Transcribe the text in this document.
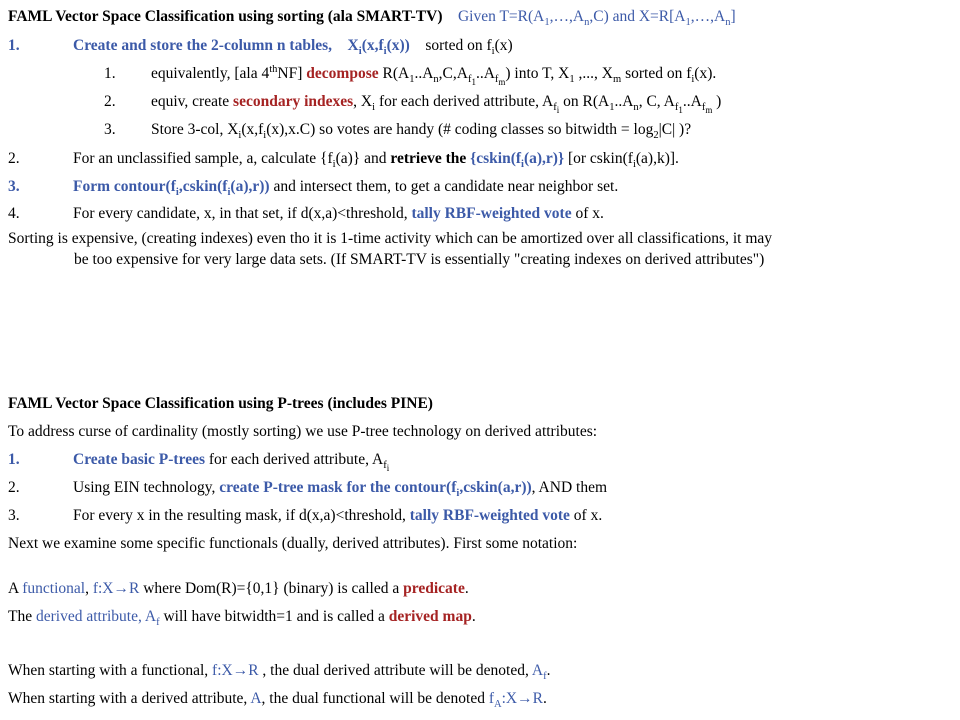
FAML Vector Space Classification using sorting (ala SMART-TV) Given $T=R(A_1,\dots,A_n,C)$ and $X=R[A_1,\dots,A_n]$
1.	Create and store the 2-column n tables, $X_i(x,f_i(x))$ sorted on $f_i(x)$
1. equivalently, [ala 4thNF] decompose $R(A_1..A_n,C,A_{f_1}..A_{f_m})$ into T, $X_1$ ,..., $X_m$ sorted on $f_i(x)$.
2. equiv, create secondary indexes, $X_i$ for each derived attribute, $A_{f_i}$ on $R(A_1..A_n$, C, $A_{f_1}..A_{f_m}$ )
3. Store 3-col, $X_i(x,f_i(x),x.C)$ so votes are handy (# coding classes so bitwidth = $\log_2|C|$ )?
2.	For an unclassified sample, a, calculate $\{f_i(a)\}$ and retrieve the $\{cskin(f_i(a),r)\}$ [or $cskin(f_i(a),k)$].
3.	Form $contour(f_i,cskin(f_i(a),r))$ and intersect them, to get a candidate near neighbor set.
4.	For every candidate, x, in that set, if d(x,a)<threshold, tally RBF-weighted vote of x.
Sorting is expensive, (creating indexes) even tho it is 1-time activity which can be amortized over all classifications, it may
be too expensive for very large data sets. (If SMART-TV is essentially "creating indexes on derived attributes")
FAML Vector Space Classification using P-trees (includes PINE)
To address curse of cardinality (mostly sorting) we use P-tree technology on derived attributes:
1.	Create basic P-trees for each derived attribute, $A_{f_i}$
2.	Using EIN technology, create P-tree mask for the $contour(f_i,cskin(a,r))$, AND them
3.	For every x in the resulting mask, if d(x,a)<threshold, tally RBF-weighted vote of x.
Next we examine some specific functionals (dually, derived attributes). First some notation:
A functional, f:X→R where Dom(R)={0,1} (binary) is called a predicate.
The derived attribute, $A_f$ will have bitwidth=1 and is called a derived map.
When starting with a functional, f:X→R , the dual derived attribute will be denoted, $A_f$.
When starting with a derived attribute, A, the dual functional will be denoted $f_A:X\to R$.
